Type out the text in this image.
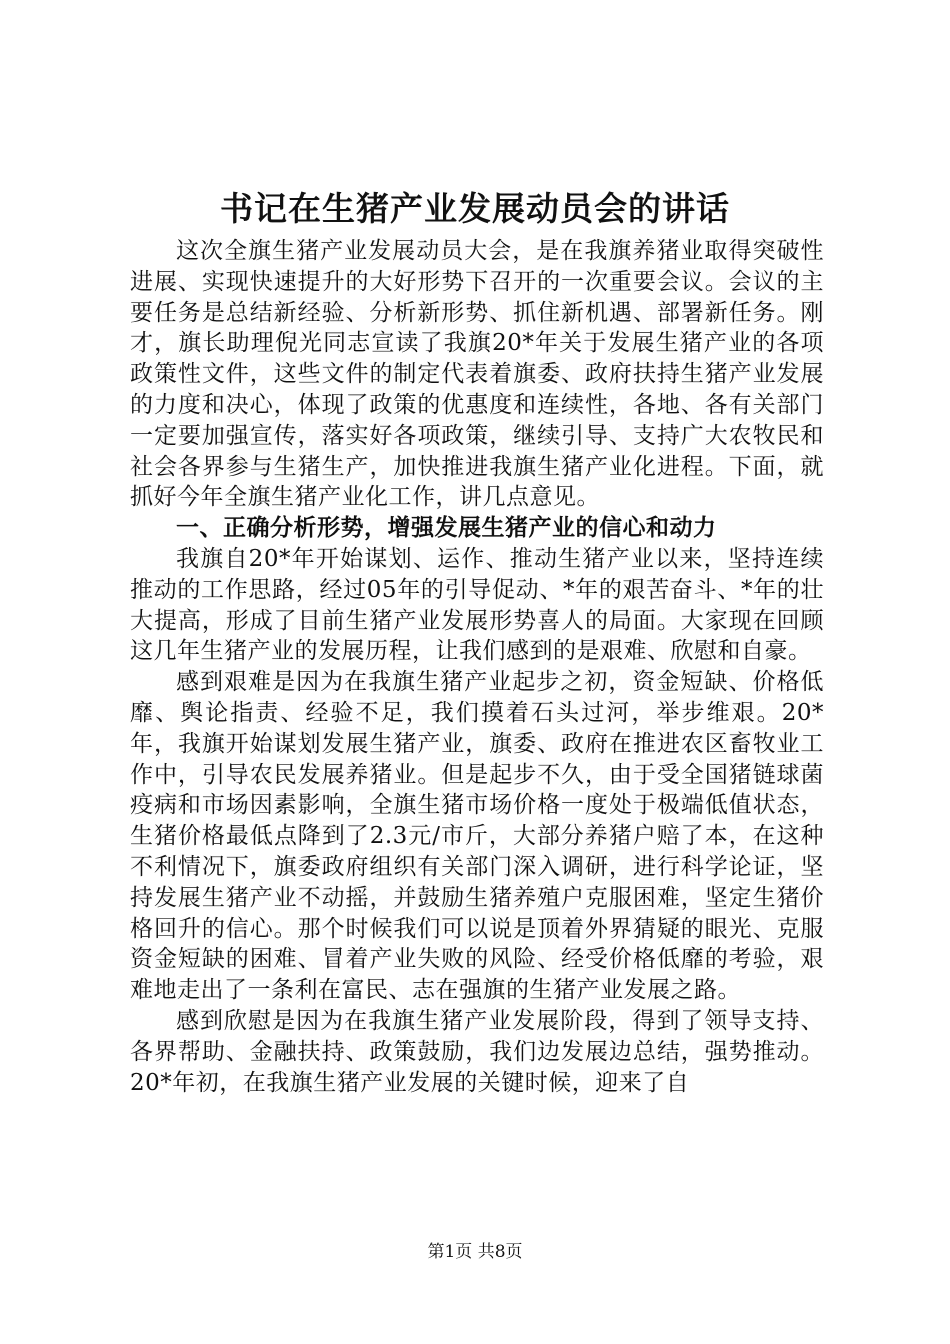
书记在生猪产业发展动员会的讲话

这次全旗生猪产业发展动员大会，是在我旗养猪业取得突破性进展、实现快速提升的大好形势下召开的一次重要会议。会议的主要任务是总结新经验、分析新形势、抓住新机遇、部署新任务。刚才，旗长助理倪光同志宣读了我旗20*年关于发展生猪产业的各项政策性文件，这些文件的制定代表着旗委、政府扶持生猪产业发展的力度和决心，体现了政策的优惠度和连续性，各地、各有关部门一定要加强宣传，落实好各项政策，继续引导、支持广大农牧民和社会各界参与生猪生产，加快推进我旗生猪产业化进程。下面，就抓好今年全旗生猪产业化工作，讲几点意见。

一、正确分析形势，增强发展生猪产业的信心和动力

我旗自20*年开始谋划、运作、推动生猪产业以来，坚持连续推动的工作思路，经过05年的引导促动、*年的艰苦奋斗、*年的壮大提高，形成了目前生猪产业发展形势喜人的局面。大家现在回顾这几年生猪产业的发展历程，让我们感到的是艰难、欣慰和自豪。

感到艰难是因为在我旗生猪产业起步之初，资金短缺、价格低靡、舆论指责、经验不足，我们摸着石头过河，举步维艰。20*年，我旗开始谋划发展生猪产业，旗委、政府在推进农区畜牧业工作中，引导农民发展养猪业。但是起步不久，由于受全国猪链球菌疫病和市场因素影响，全旗生猪市场价格一度处于极端低值状态，生猪价格最低点降到了2.3元/市斤，大部分养猪户赔了本，在这种不利情况下，旗委政府组织有关部门深入调研，进行科学论证，坚持发展生猪产业不动摇，并鼓励生猪养殖户克服困难，坚定生猪价格回升的信心。那个时候我们可以说是顶着外界猜疑的眼光、克服资金短缺的困难、冒着产业失败的风险、经受价格低靡的考验，艰难地走出了一条利在富民、志在强旗的生猪产业发展之路。

感到欣慰是因为在我旗生猪产业发展阶段，得到了领导支持、各界帮助、金融扶持、政策鼓励，我们边发展边总结，强势推动。20*年初，在我旗生猪产业发展的关键时候，迎来了自

第1页 共8页
